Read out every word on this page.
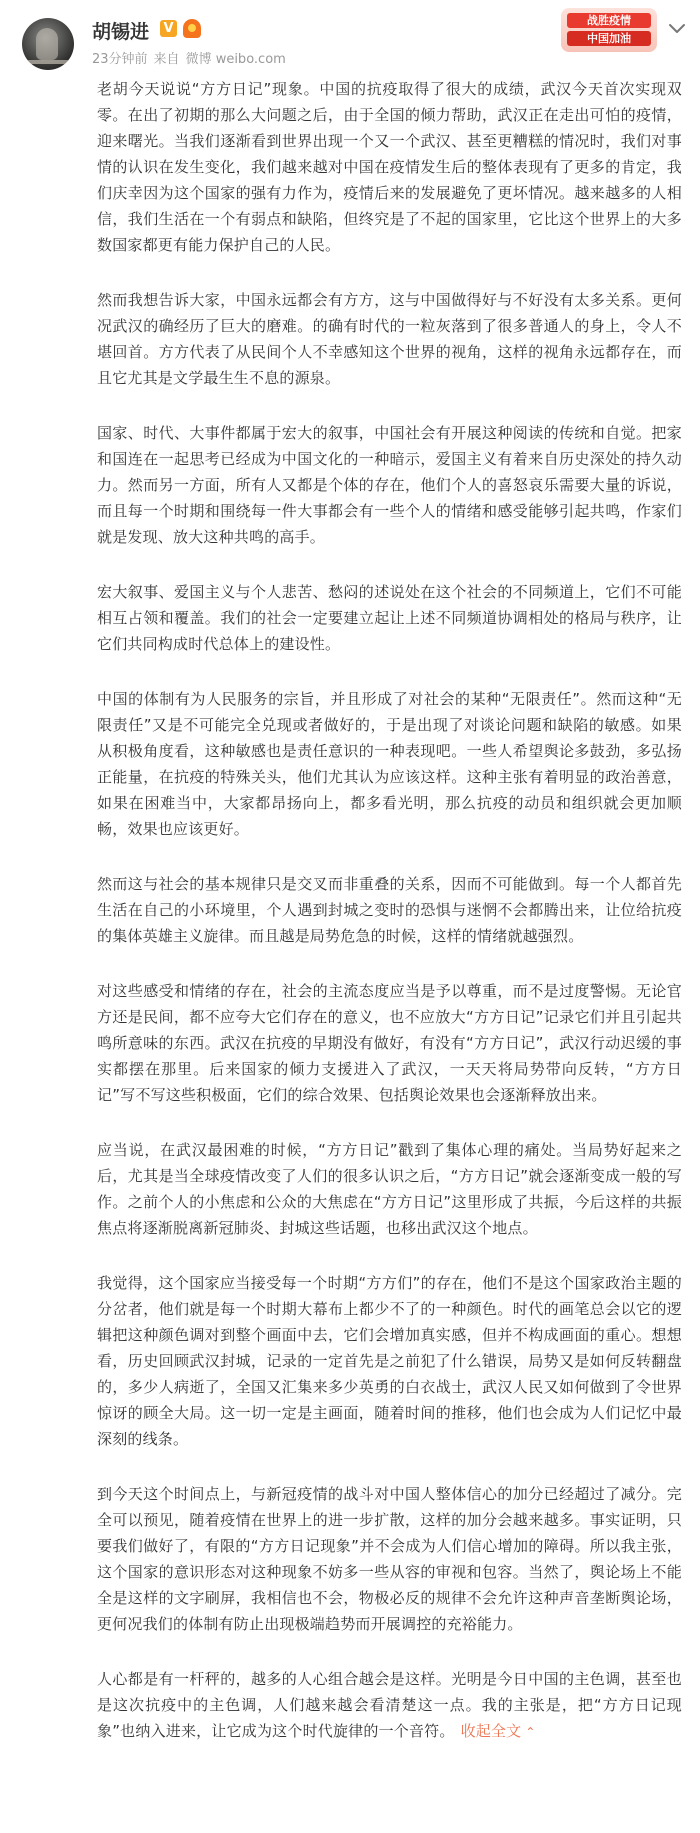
胡锡进 V
23分钟前 来自 微博 weibo.com
战胜疫情
中国加油

老胡今天说说“方方日记”现象。中国的抗疫取得了很大的成绩，武汉今天首次实现双零。在出了初期的那么大问题之后，由于全国的倾力帮助，武汉正在走出可怕的疫情，迎来曙光。当我们逐渐看到世界出现一个又一个武汉、甚至更糟糕的情况时，我们对事情的认识在发生变化，我们越来越对中国在疫情发生后的整体表现有了更多的肯定，我们庆幸因为这个国家的强有力作为，疫情后来的发展避免了更坏情况。越来越多的人相信，我们生活在一个有弱点和缺陷，但终究是了不起的国家里，它比这个世界上的大多数国家都更有能力保护自己的人民。

然而我想告诉大家，中国永远都会有方方，这与中国做得好与不好没有太多关系。更何况武汉的确经历了巨大的磨难。的确有时代的一粒灰落到了很多普通人的身上，令人不堪回首。方方代表了从民间个人不幸感知这个世界的视角，这样的视角永远都存在，而且它尤其是文学最生生不息的源泉。

国家、时代、大事件都属于宏大的叙事，中国社会有开展这种阅读的传统和自觉。把家和国连在一起思考已经成为中国文化的一种暗示，爱国主义有着来自历史深处的持久动力。然而另一方面，所有人又都是个体的存在，他们个人的喜怒哀乐需要大量的诉说，而且每一个时期和围绕每一件大事都会有一些个人的情绪和感受能够引起共鸣，作家们就是发现、放大这种共鸣的高手。

宏大叙事、爱国主义与个人悲苦、愁闷的述说处在这个社会的不同频道上，它们不可能相互占领和覆盖。我们的社会一定要建立起让上述不同频道协调相处的格局与秩序，让它们共同构成时代总体上的建设性。

中国的体制有为人民服务的宗旨，并且形成了对社会的某种“无限责任”。然而这种“无限责任”又是不可能完全兑现或者做好的，于是出现了对谈论问题和缺陷的敏感。如果从积极角度看，这种敏感也是责任意识的一种表现吧。一些人希望舆论多鼓劲，多弘扬正能量，在抗疫的特殊关头，他们尤其认为应该这样。这种主张有着明显的政治善意，如果在困难当中，大家都昂扬向上，都多看光明，那么抗疫的动员和组织就会更加顺畅，效果也应该更好。

然而这与社会的基本规律只是交叉而非重叠的关系，因而不可能做到。每一个人都首先生活在自己的小环境里，个人遇到封城之变时的恐惧与迷惘不会都腾出来，让位给抗疫的集体英雄主义旋律。而且越是局势危急的时候，这样的情绪就越强烈。

对这些感受和情绪的存在，社会的主流态度应当是予以尊重，而不是过度警惕。无论官方还是民间，都不应夸大它们存在的意义，也不应放大“方方日记”记录它们并且引起共鸣所意味的东西。武汉在抗疫的早期没有做好，有没有“方方日记”，武汉行动迟缓的事实都摆在那里。后来国家的倾力支援进入了武汉，一天天将局势带向反转，“方方日记”写不写这些积极面，它们的综合效果、包括舆论效果也会逐渐释放出来。

应当说，在武汉最困难的时候，“方方日记”戳到了集体心理的痛处。当局势好起来之后，尤其是当全球疫情改变了人们的很多认识之后，“方方日记”就会逐渐变成一般的写作。之前个人的小焦虑和公众的大焦虑在“方方日记”这里形成了共振，今后这样的共振焦点将逐渐脱离新冠肺炎、封城这些话题，也移出武汉这个地点。

我觉得，这个国家应当接受每一个时期“方方们”的存在，他们不是这个国家政治主题的分岔者，他们就是每一个时期大幕布上都少不了的一种颜色。时代的画笔总会以它的逻辑把这种颜色调对到整个画面中去，它们会增加真实感，但并不构成画面的重心。想想看，历史回顾武汉封城，记录的一定首先是之前犯了什么错误，局势又是如何反转翻盘的，多少人病逝了，全国又汇集来多少英勇的白衣战士，武汉人民又如何做到了令世界惊讶的顾全大局。这一切一定是主画面，随着时间的推移，他们也会成为人们记忆中最深刻的线条。

到今天这个时间点上，与新冠疫情的战斗对中国人整体信心的加分已经超过了减分。完全可以预见，随着疫情在世界上的进一步扩散，这样的加分会越来越多。事实证明，只要我们做好了，有限的“方方日记现象”并不会成为人们信心增加的障碍。所以我主张，这个国家的意识形态对这种现象不妨多一些从容的审视和包容。当然了，舆论场上不能全是这样的文字刷屏，我相信也不会，物极必反的规律不会允许这种声音垄断舆论场，更何况我们的体制有防止出现极端趋势而开展调控的充裕能力。

人心都是有一杆秤的，越多的人心组合越会是这样。光明是今日中国的主色调，甚至也是这次抗疫中的主色调，人们越来越会看清楚这一点。我的主张是，把“方方日记现象”也纳入进来，让它成为这个时代旋律的一个音符。 收起全文 ⌃
